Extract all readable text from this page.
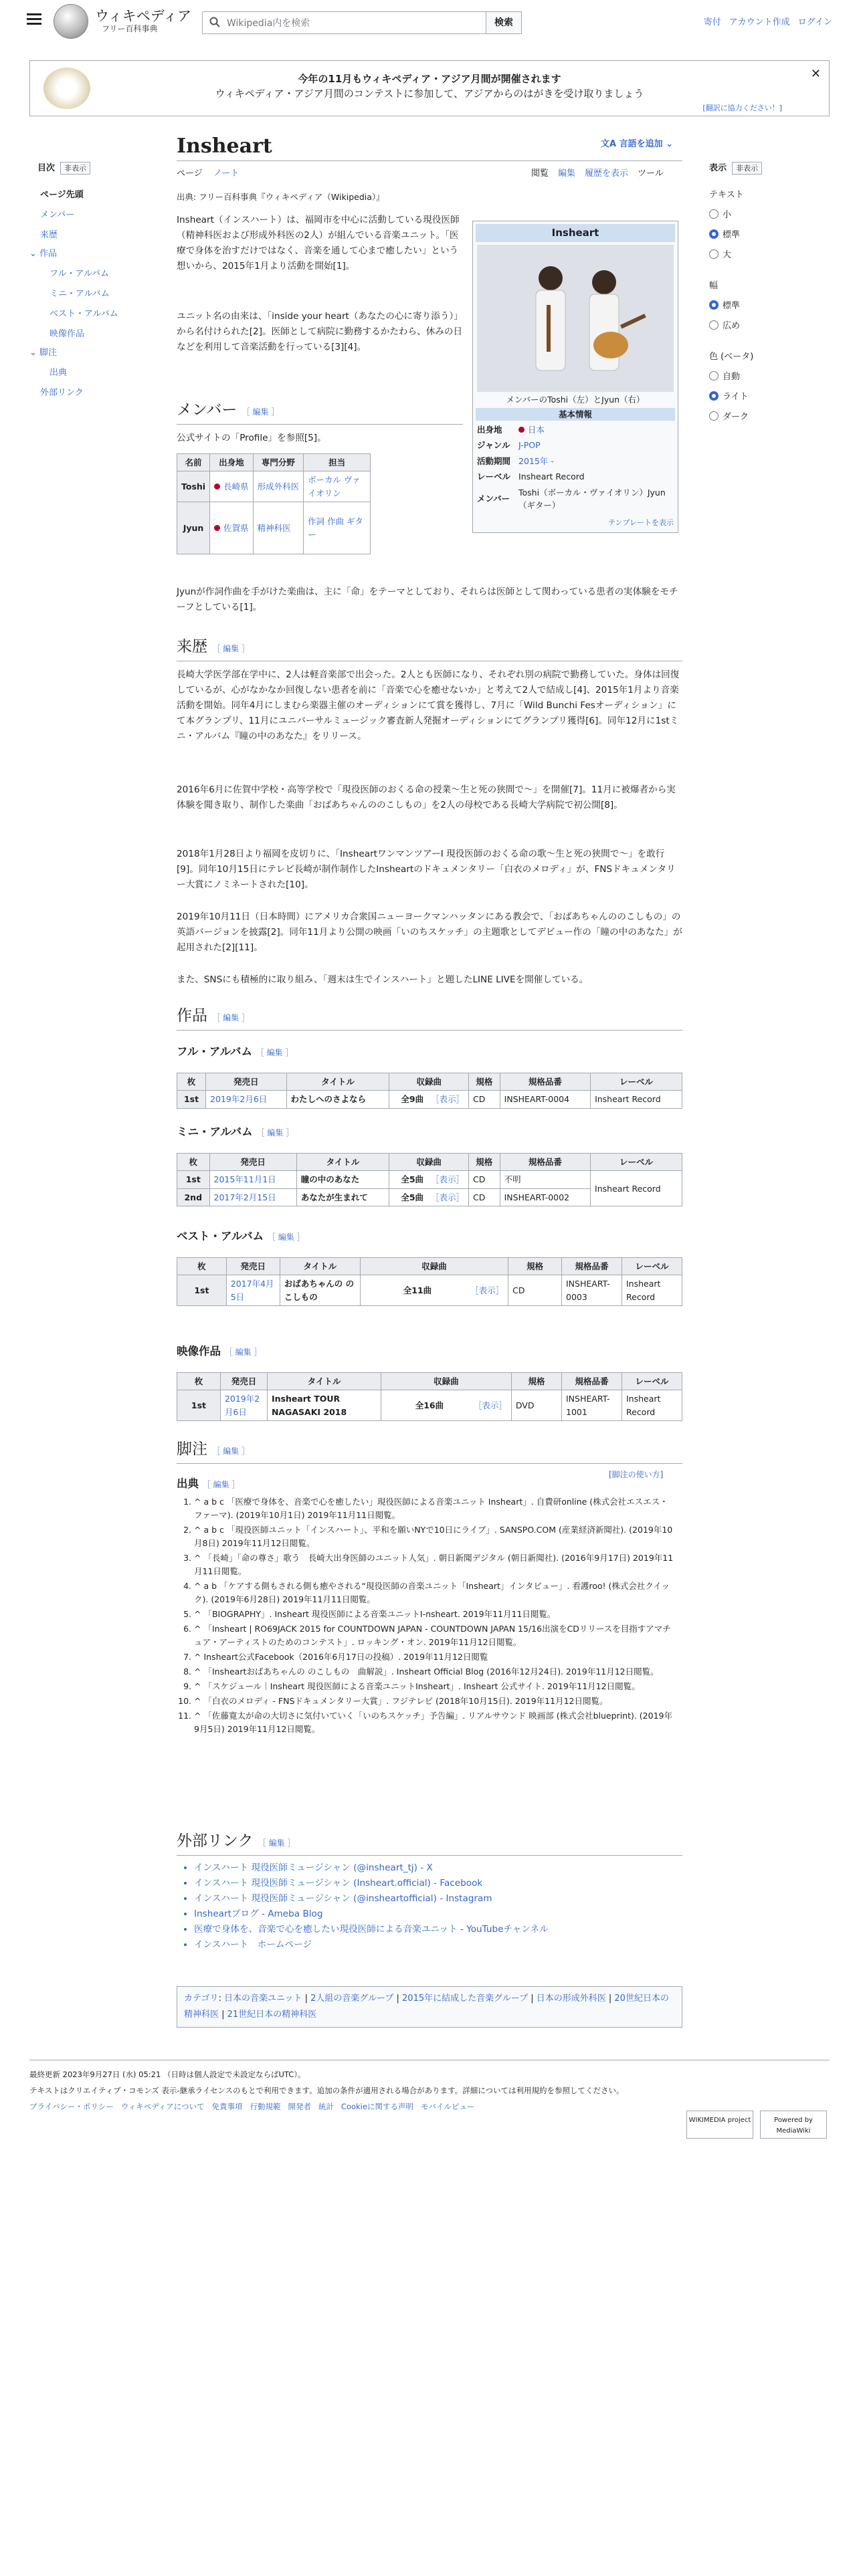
ウィキペディア
フリー百科事典	Wikipedia内を検索	検索	寄付 アカウント作成 ログイン
今年の11月もウィキペディア・アジア月間が開催されます
ウィキペディア・アジア月間のコンテストに参加して、アジアからのはがきを受け取りましょう
[翻訳に協力ください！]
✕
目次 非表示
ページ先頭
メンバー
来歴
⌄ 作品
フル・アルバム
ミニ・アルバム
ベスト・アルバム
映像作品
⌄ 脚注
出典
外部リンク
Insheart	文A 言語を追加 ⌄
ページ ノート	閲覧 編集 履歴を表示 ツール
出典: フリー百科事典『ウィキペディア（Wikipedia）』
表示 非表示
テキスト
小
標準
大
幅
標準
広め
色 (ベータ)
自動
ライト
ダーク

Insheart（インスハート）は、福岡市を中心に活動している現役医師（精神科医および形成外科医の2人）が組んでいる音楽ユニット。「医療で身体を治すだけではなく、音楽を通して心まで癒したい」という想いから、2015年1月より活動を開始[1]。

ユニット名の由来は、「inside your heart（あなたの心に寄り添う）」から名付けられた[2]。医師として病院に勤務するかたわら、休みの日などを利用して音楽活動を行っている[3][4]。

Insheart
メンバーのToshi（左）とJyun（右）
基本情報
出身地	日本
ジャンル	J-POP
活動期間	2015年 -
レーベル	Insheart Record
メンバー	Toshi（ボーカル・ヴァイオリン）Jyun（ギター）
テンプレートを表示
メンバー ［ 編集 ］

公式サイトの「Profile」を参照[5]。

名前	出身地	専門分野	担当
Toshi	長崎県	形成外科医	ボーカル ヴァイオリン
Jyun	佐賀県	精神科医	作詞 作曲 ギター

Jyunが作詞作曲を手がけた楽曲は、主に「命」をテーマとしており、それらは医師として関わっている患者の実体験をモチーフとしている[1]。

来歴 ［ 編集 ］

長崎大学医学部在学中に、2人は軽音楽部で出会った。2人とも医師になり、それぞれ別の病院で勤務していた。身体は回復しているが、心がなかなか回復しない患者を前に「音楽で心を癒せないか」と考えて2人で結成し[4]、2015年1月より音楽活動を開始。同年4月にしまむら楽器主催のオーディションにて賞を獲得し、7月に「Wild Bunchi Fesオーディション」にて本グランプリ、11月にユニバーサルミュージック審査新人発掘オーディションにてグランプリ獲得[6]。同年12月に1stミニ・アルバム『瞳の中のあなた』をリリース。

2016年6月に佐賀中学校・高等学校で「現役医師のおくる命の授業〜生と死の狭間で〜」を開催[7]。11月に被爆者から実体験を聞き取り、制作した楽曲「おばあちゃんののこしもの」を2人の母校である長崎大学病院で初公開[8]。

2018年1月28日より福岡を皮切りに、「InsheartワンマンツアーI 現役医師のおくる命の歌〜生と死の狭間で〜」を敢行[9]。同年10月15日にテレビ長崎が制作制作したInsheartのドキュメンタリー「白衣のメロディ」が、FNSドキュメンタリー大賞にノミネートされた[10]。

2019年10月11日（日本時間）にアメリカ合衆国ニューヨークマンハッタンにある教会で、「おばあちゃんののこしもの」の英語バージョンを披露[2]。同年11月より公開の映画「いのちスケッチ」の主題歌としてデビュー作の「瞳の中のあなた」が起用された[2][11]。

また、SNSにも積極的に取り組み、「週末は生でインスハート」と題したLINE LIVEを開催している。

作品 ［ 編集 ］
フル・アルバム ［ 編集 ］
枚	発売日	タイトル	収録曲	規格	規格品番	レーベル
1st	2019年2月6日	わたしへのさよなら	全9曲 ［表示］	CD	INSHEART-0004	Insheart Record
ミニ・アルバム ［ 編集 ］
枚	発売日	タイトル	収録曲	規格	規格品番	レーベル
1st	2015年11月1日	瞳の中のあなた	全5曲 ［表示］	CD	不明	Insheart Record
2nd	2017年2月15日	あなたが生まれて	全5曲 ［表示］	CD	INSHEART-0002	
ベスト・アルバム ［ 編集 ］
枚	発売日	タイトル	収録曲	規格	規格品番	レーベル
1st	2017年4月5日	おばあちゃんの のこしもの	全11曲 ［表示］	CD	INSHEART-0003	Insheart Record
映像作品 ［ 編集 ］
枚	発売日	タイトル	収録曲	規格	規格品番	レーベル
1st	2019年2月6日	Insheart TOUR NAGASAKI 2018	全16曲 ［表示］	DVD	INSHEART-1001	Insheart Record
脚注 ［ 編集 ］
出典 ［ 編集 ］
[脚注の使い方]
1. ^ a b c 「医療で身体を、音楽で心を癒したい」現役医師による音楽ユニット Insheart」. 自費研online (株式会社エスエス・ファーマ). (2019年10月1日) 2019年11月11日閲覧。
2. ^ a b c 「現役医師ユニット「インスハート」、平和を願いNYで10日にライブ」. SANSPO.COM (産業経済新聞社). (2019年10月8日) 2019年11月12日閲覧。
3. ^ 「長崎」「命の尊さ」歌う　長崎大出身医師のユニット人気」. 朝日新聞デジタル (朝日新聞社). (2016年9月17日) 2019年11月11日閲覧。
4. ^ a b 「ケアする側もされる側も癒やされる“現役医師の音楽ユニット「Insheart」インタビュー」. 看護roo! (株式会社クイック). (2019年6月28日) 2019年11月11日閲覧。
5. ^ 「BIOGRAPHY」. Insheart 現役医師による音楽ユニットI-nsheart. 2019年11月11日閲覧。
6. ^ 「Insheart | RO69JACK 2015 for COUNTDOWN JAPAN - COUNTDOWN JAPAN 15/16出演をCDリリースを目指すアマチュア・アーティストのためのコンテスト」. ロッキング・オン. 2019年11月12日閲覧。
7. ^ Insheart公式Facebook（2016年6月17日の投稿）. 2019年11月12日閲覧
8. ^ 「Insheartおばあちゃんの のこしもの　曲解説」. Insheart Official Blog (2016年12月24日). 2019年11月12日閲覧。
9. ^ 「スケジュール｜Insheart 現役医師による音楽ユニットInsheart」. Insheart 公式サイト. 2019年11月12日閲覧。
10. ^ 「白衣のメロディ - FNSドキュメンタリー大賞」. フジテレビ (2018年10月15日). 2019年11月12日閲覧。
11. ^ 「佐藤寛太が命の大切さに気付いていく「いのちスケッチ」予告編」. リアルサウンド 映画部 (株式会社blueprint). (2019年9月5日) 2019年11月12日閲覧。
外部リンク ［ 編集 ］
• インスハート 現役医師ミュージシャン (@insheart_tj) - X
• インスハート 現役医師ミュージシャン (Insheart.official) - Facebook
• インスハート 現役医師ミュージシャン (@insheartofficial) - Instagram
• Insheartブログ - Ameba Blog
• 医療で身体を、音楽で心を癒したい現役医師による音楽ユニット - YouTubeチャンネル
• インスハート　ホームページ
カテゴリ: 日本の音楽ユニット | 2人組の音楽グループ | 2015年に結成した音楽グループ | 日本の形成外科医 | 20世紀日本の精神科医 | 21世紀日本の精神科医
最終更新 2023年9月27日 (水) 05:21 （日時は個人設定で未設定ならばUTC）。
テキストはクリエイティブ・コモンズ 表示-継承ライセンスのもとで利用できます。追加の条件が適用される場合があります。詳細については利用規約を参照してください。
プライバシー・ポリシー ウィキペディアについて 免責事項 行動規範 開発者 統計 Cookieに関する声明 モバイルビュー
WIKIMEDIA project	Powered by MediaWiki
